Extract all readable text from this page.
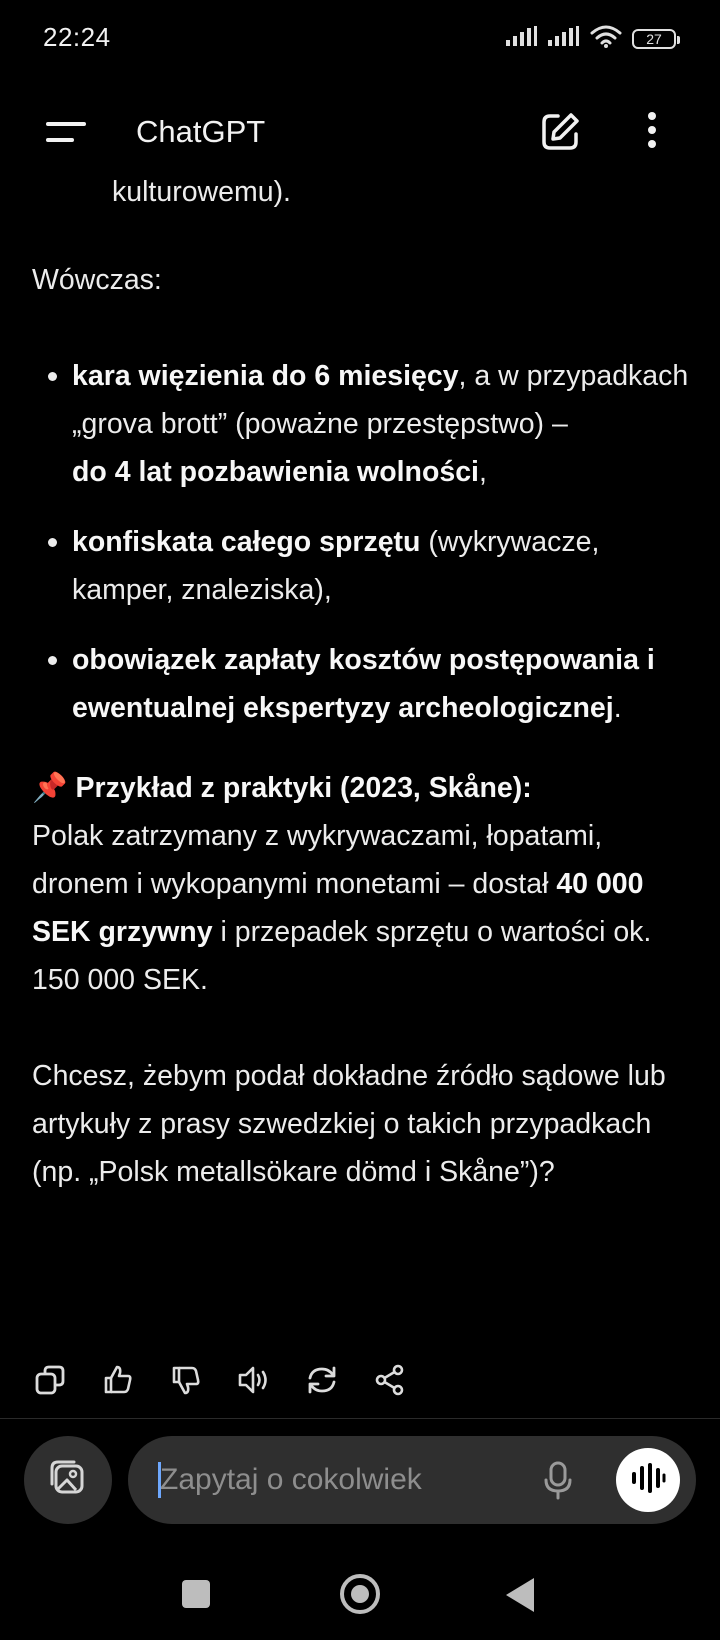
22:24	27
ChatGPT
kulturowemu).

Wówczas:

kara więzienia do 6 miesięcy, a w przypadkach „grova brott” (poważne przestępstwo) –
do 4 lat pozbawienia wolności,
konfiskata całego sprzętu (wykrywacze, kamper, znaleziska),
obowiązek zapłaty kosztów postępowania i ewentualnej ekspertyzy archeologicznej.

📌 Przykład z praktyki (2023, Skåne):
Polak zatrzymany z wykrywaczami, łopatami, dronem i wykopanymi monetami – dostał 40 000 SEK grzywny i przepadek sprzętu o wartości ok. 150 000 SEK.

Chcesz, żebym podał dokładne źródło sądowe lub artykuły z prasy szwedzkiej o takich przypadkach (np. „Polsk metallsökare dömd i Skåne”)?

Zapytaj o cokolwiek
